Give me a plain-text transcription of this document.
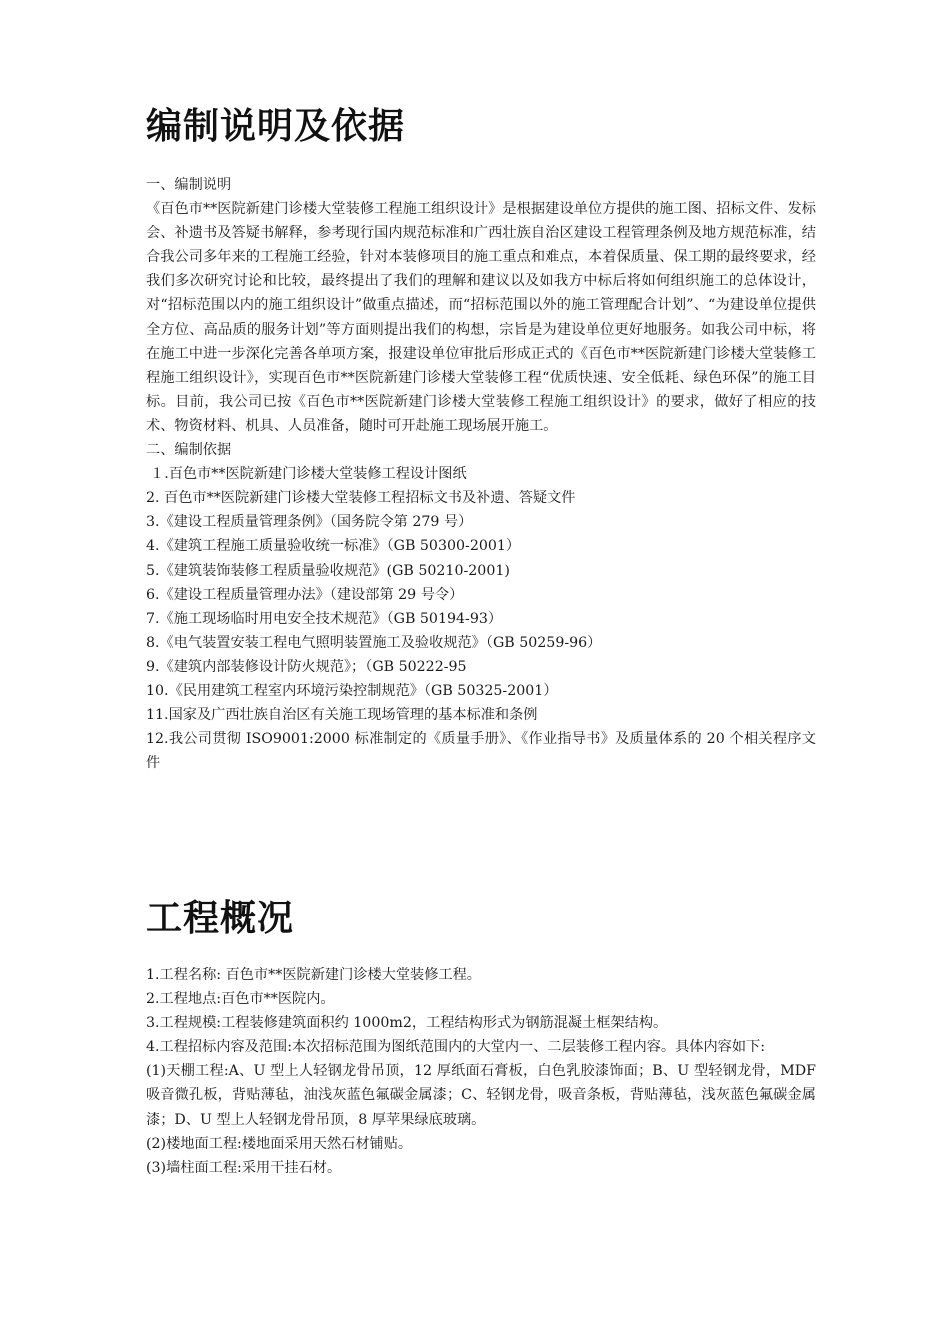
编制说明及依据
一、编制说明

《百色市**医院新建门诊楼大堂装修工程施工组织设计》是根据建设单位方提供的施工图、招标文件、发标会、补遗书及答疑书解释，参考现行国内规范标准和广西壮族自治区建设工程管理条例及地方规范标准，结合我公司多年来的工程施工经验，针对本装修项目的施工重点和难点，本着保质量、保工期的最终要求，经我们多次研究讨论和比较，最终提出了我们的理解和建议以及如我方中标后将如何组织施工的总体设计，对“招标范围以内的施工组织设计”做重点描述，而“招标范围以外的施工管理配合计划”、“为建设单位提供全方位、高品质的服务计划”等方面则提出我们的构想，宗旨是为建设单位更好地服务。如我公司中标，将在施工中进一步深化完善各单项方案，报建设单位审批后形成正式的《百色市**医院新建门诊楼大堂装修工程施工组织设计》，实现百色市**医院新建门诊楼大堂装修工程“优质快速、安全低耗、绿色环保”的施工目标。目前，我公司已按《百色市**医院新建门诊楼大堂装修工程施工组织设计》的要求，做好了相应的技术、物资材料、机具、人员准备，随时可开赴施工现场展开施工。

二、编制依据
１.百色市**医院新建门诊楼大堂装修工程设计图纸
2. 百色市**医院新建门诊楼大堂装修工程招标文书及补遗、答疑文件
3.《建设工程质量管理条例》（国务院令第 279 号）
4.《建筑工程施工质量验收统一标准》（GB 50300-2001）
5.《建筑装饰装修工程质量验收规范》(GB 50210-2001)
6.《建设工程质量管理办法》（建设部第 29 号令）
7.《施工现场临时用电安全技术规范》（GB 50194-93）
8.《电气装置安装工程电气照明装置施工及验收规范》（GB 50259-96）
9.《建筑内部装修设计防火规范》；（GB 50222-95
10.《民用建筑工程室内环境污染控制规范》（GB 50325-2001）
11.国家及广西壮族自治区有关施工现场管理的基本标准和条例
12.我公司贯彻 ISO9001:2000 标准制定的《质量手册》、《作业指导书》及质量体系的 20 个相关程序文件
工程概况
1.工程名称: 百色市**医院新建门诊楼大堂装修工程。
2.工程地点:百色市**医院内。
3.工程规模:工程装修建筑面积约 1000m2，工程结构形式为钢筋混凝土框架结构。
4.工程招标内容及范围:本次招标范围为图纸范围内的大堂内一、二层装修工程内容。具体内容如下:
(1)天棚工程:A、U 型上人轻钢龙骨吊顶，12 厚纸面石膏板，白色乳胶漆饰面；B、U 型轻钢龙骨，MDF 吸音微孔板，背贴薄毡，油浅灰蓝色氟碳金属漆；C、轻钢龙骨，吸音条板，背贴薄毡，浅灰蓝色氟碳金属漆；D、U 型上人轻钢龙骨吊顶，8 厚苹果绿底玻璃。
(2)楼地面工程:楼地面采用天然石材铺贴。
(3)墙柱面工程:采用干挂石材。
